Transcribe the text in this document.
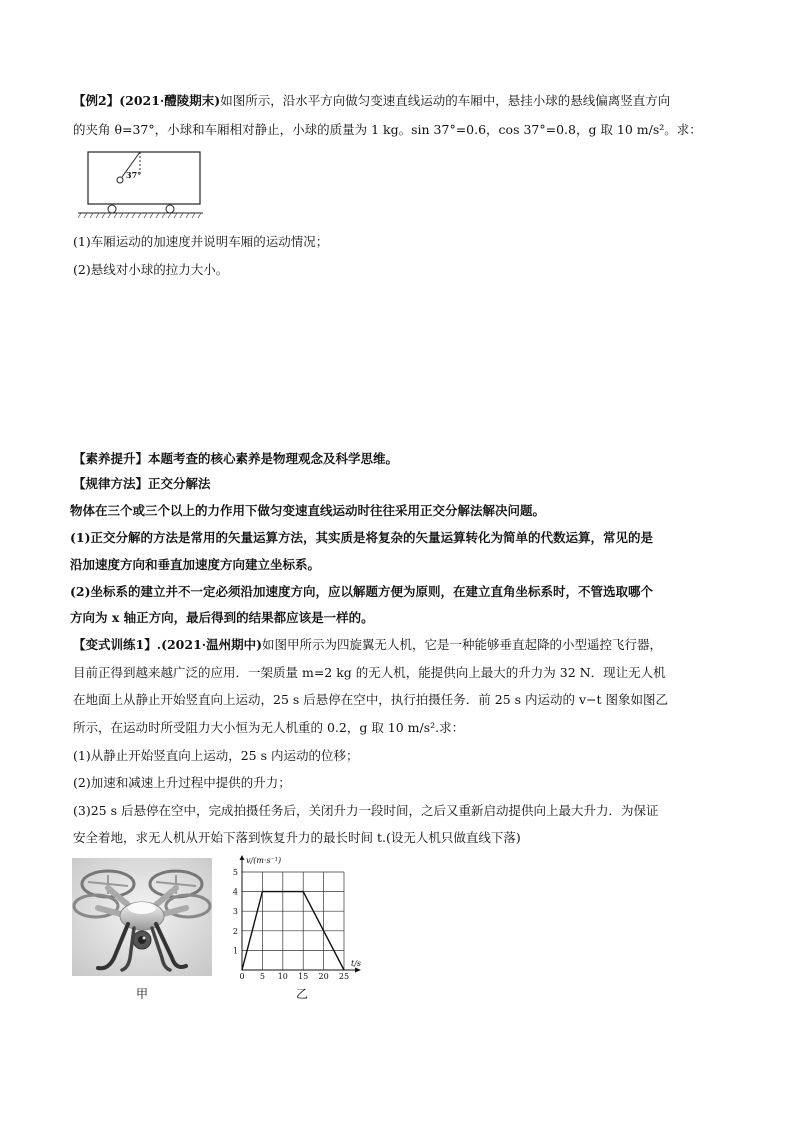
【例2】(2021·醴陵期末)如图所示，沿水平方向做匀变速直线运动的车厢中，悬挂小球的悬线偏离竖直方向
的夹角 θ=37°，小球和车厢相对静止，小球的质量为 1 kg。sin 37°=0.6，cos 37°=0.8，g 取 10 m/s²。求：
37°
(1)车厢运动的加速度并说明车厢的运动情况；
(2)悬线对小球的拉力大小。
【素养提升】本题考查的核心素养是物理观念及科学思维。
【规律方法】正交分解法
物体在三个或三个以上的力作用下做匀变速直线运动时往往采用正交分解法解决问题。
(1)正交分解的方法是常用的矢量运算方法，其实质是将复杂的矢量运算转化为简单的代数运算，常见的是
沿加速度方向和垂直加速度方向建立坐标系。
(2)坐标系的建立并不一定必须沿加速度方向，应以解题方便为原则，在建立直角坐标系时，不管选取哪个
方向为 x 轴正方向，最后得到的结果都应该是一样的。
【变式训练1】.(2021·温州期中)如图甲所示为四旋翼无人机，它是一种能够垂直起降的小型遥控飞行器，
目前正得到越来越广泛的应用．一架质量 m=2 kg 的无人机，能提供向上最大的升力为 32 N．现让无人机
在地面上从静止开始竖直向上运动，25 s 后悬停在空中，执行拍摄任务．前 25 s 内运动的 v−t 图象如图乙
所示，在运动时所受阻力大小恒为无人机重的 0.2，g 取 10 m/s².求：
(1)从静止开始竖直向上运动，25 s 内运动的位移；
(2)加速和减速上升过程中提供的升力；
(3)25 s 后悬停在空中，完成拍摄任务后，关闭升力一段时间，之后又重新启动提供向上最大升力．为保证
安全着地，求无人机从开始下落到恢复升力的最长时间 t.(设无人机只做直线下落)
甲
0 5 10 15 20 25
1
2
3
4
5
v/(m·s⁻¹)
t/s
乙
